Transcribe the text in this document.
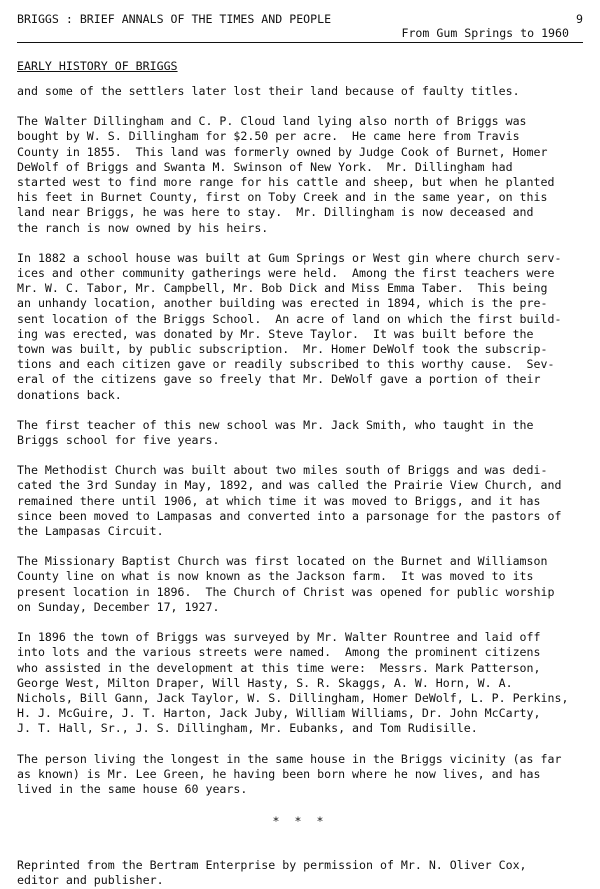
BRIGGS : BRIEF ANNALS OF THE TIMES AND PEOPLE	9
From Gum Springs to 1960
EARLY HISTORY OF BRIGGS

and some of the settlers later lost their land because of faulty titles.

The Walter Dillingham and C. P. Cloud land lying also north of Briggs was
bought by W. S. Dillingham for $2.50 per acre.  He came here from Travis
County in 1855.  This land was formerly owned by Judge Cook of Burnet, Homer
DeWolf of Briggs and Swanta M. Swinson of New York.  Mr. Dillingham had
started west to find more range for his cattle and sheep, but when he planted
his feet in Burnet County, first on Toby Creek and in the same year, on this
land near Briggs, he was here to stay.  Mr. Dillingham is now deceased and
the ranch is now owned by his heirs.

In 1882 a school house was built at Gum Springs or West gin where church serv-
ices and other community gatherings were held.  Among the first teachers were
Mr. W. C. Tabor, Mr. Campbell, Mr. Bob Dick and Miss Emma Taber.  This being
an unhandy location, another building was erected in 1894, which is the pre-
sent location of the Briggs School.  An acre of land on which the first build-
ing was erected, was donated by Mr. Steve Taylor.  It was built before the
town was built, by public subscription.  Mr. Homer DeWolf took the subscrip-
tions and each citizen gave or readily subscribed to this worthy cause.  Sev-
eral of the citizens gave so freely that Mr. DeWolf gave a portion of their
donations back.

The first teacher of this new school was Mr. Jack Smith, who taught in the
Briggs school for five years.

The Methodist Church was built about two miles south of Briggs and was dedi-
cated the 3rd Sunday in May, 1892, and was called the Prairie View Church, and
remained there until 1906, at which time it was moved to Briggs, and it has
since been moved to Lampasas and converted into a parsonage for the pastors of
the Lampasas Circuit.

The Missionary Baptist Church was first located on the Burnet and Williamson
County line on what is now known as the Jackson farm.  It was moved to its
present location in 1896.  The Church of Christ was opened for public worship
on Sunday, December 17, 1927.

In 1896 the town of Briggs was surveyed by Mr. Walter Rountree and laid off
into lots and the various streets were named.  Among the prominent citizens
who assisted in the development at this time were:  Messrs. Mark Patterson,
George West, Milton Draper, Will Hasty, S. R. Skaggs, A. W. Horn, W. A.
Nichols, Bill Gann, Jack Taylor, W. S. Dillingham, Homer DeWolf, L. P. Perkins,
H. J. McGuire, J. T. Harton, Jack Juby, William Williams, Dr. John McCarty,
J. T. Hall, Sr., J. S. Dillingham, Mr. Eubanks, and Tom Rudisille.

The person living the longest in the same house in the Briggs vicinity (as far
as known) is Mr. Lee Green, he having been born where he now lives, and has
lived in the same house 60 years.

* * *

Reprinted from the Bertram Enterprise by permission of Mr. N. Oliver Cox,
editor and publisher.
